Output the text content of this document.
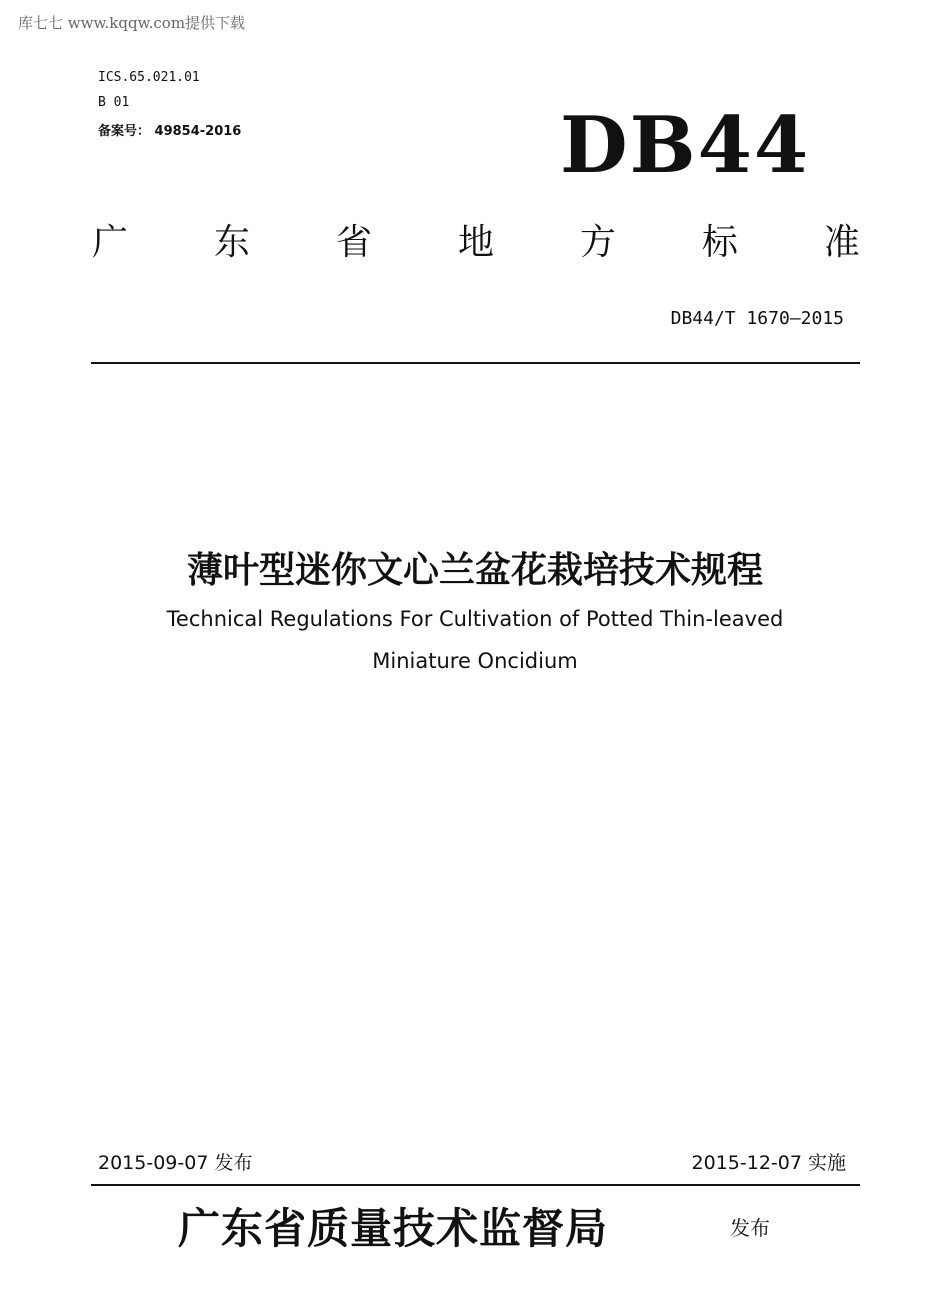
库七七 www.kqqw.com提供下载
ICS.65.021.01
B 01
备案号： 49854-2016	DB44
广 东 省 地 方 标 准
DB44/T 1670—2015
薄叶型迷你文心兰盆花栽培技术规程
Technical Regulations For Cultivation of Potted Thin-leaved
Miniature Oncidium
2015-09-07 发布	2015-12-07 实施
广东省质量技术监督局	发布
